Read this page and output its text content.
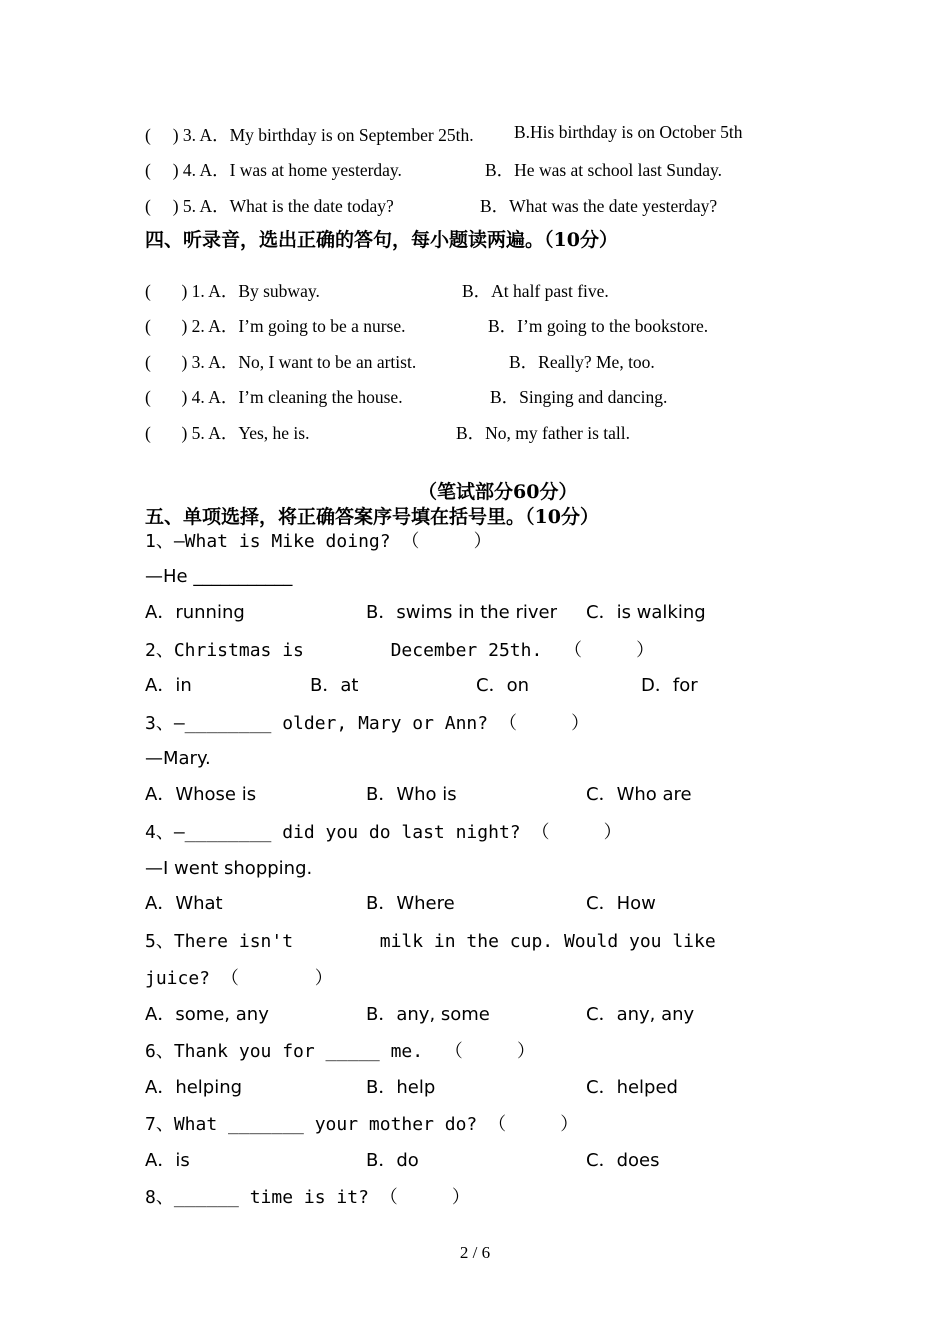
(     ) 3. A．My birthday is on September 25th. B.His birthday is on October 5th
(     ) 4. A．I was at home yesterday.	B．He was at school last Sunday.
(     ) 5. A．What is the date today?	B．What was the date yesterday?
四、听录音，选出正确的答句，每小题读两遍。（10分）
(       ) 1. A．By subway.	B．At half past five.
(       ) 2. A．I’m going to be a nurse.	B．I’m going to the bookstore.
(       ) 3. A．No, I want to be an artist.	B．Really? Me, too.
(       ) 4. A．I’m cleaning the house.	B．Singing and dancing.
(       ) 5. A．Yes, he is.	B．No, my father is tall.
（笔试部分60分）
五、单项选择，将正确答案序号填在括号里。（10分）
1、—What is Mike doing? （     ）
—He ___________
A．running	B．swims in the river C．is walking
2、Christmas is        December 25th.  （     ）
A．in	B．at	C．on	D．for
3、—________ older, Mary or Ann? （     ）
—Mary.
A．Whose is	B．Who is	C．Who are
4、—________ did you do last night? （     ）
—I went shopping.
A．What	B．Where	C．How
5、There isn't        milk in the cup. Would you like
juice? （       ）
A．some, any	B．any, some	C．any, any
6、Thank you for _____ me.  （     ）
A．helping	B．help	C．helped
7、What _______ your mother do? （     ）
A．is	B．do	C．does
8、______ time is it? （     ）
2 / 6
